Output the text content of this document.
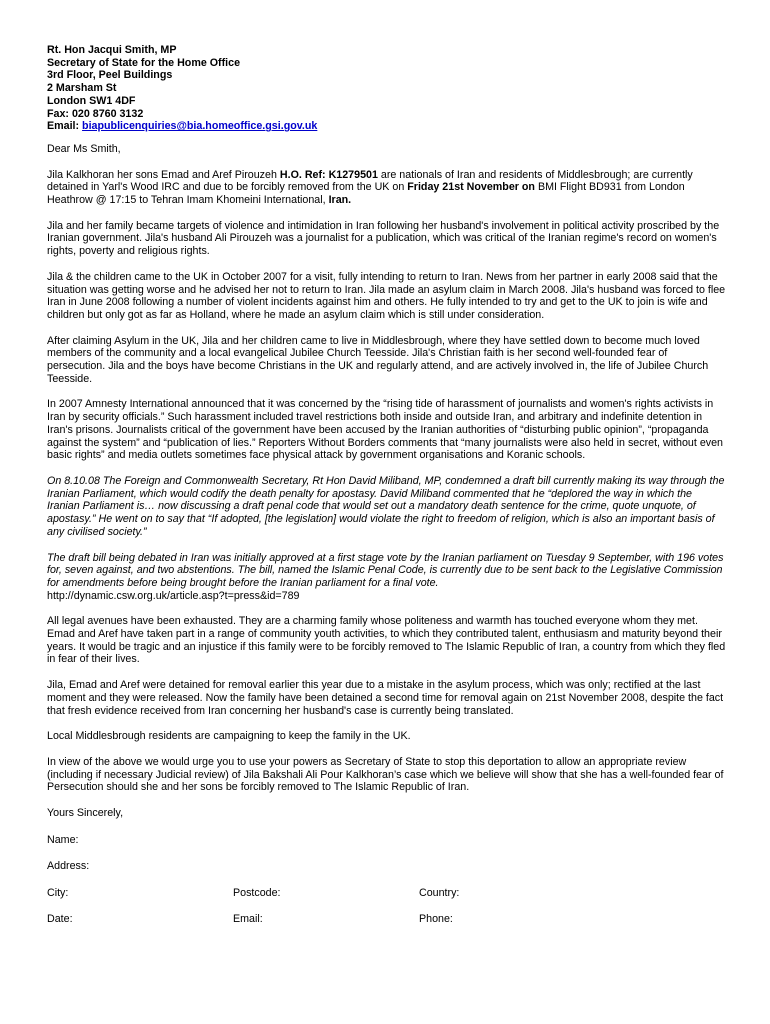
Rt. Hon Jacqui Smith, MP
Secretary of State for the Home Office
3rd Floor, Peel Buildings
2 Marsham St
London SW1 4DF
Fax: 020 8760 3132
Email: biapublicenquiries@bia.homeoffice.gsi.gov.uk

Dear Ms Smith,

Jila Kalkhoran her sons Emad and Aref Pirouzeh H.O. Ref: K1279501 are nationals of Iran and residents of Middlesbrough; are currently detained in Yarl's Wood IRC and due to be forcibly removed from the UK on Friday 21st November on BMI Flight BD931 from London Heathrow @ 17:15 to Tehran Imam Khomeini International, Iran.

Jila and her family became targets of violence and intimidation in Iran following her husband's involvement in political activity proscribed by the Iranian government. Jila's husband Ali Pirouzeh was a journalist for a publication, which was critical of the Iranian regime's record on women's rights, poverty and religious rights.

Jila & the children came to the UK in October 2007 for a visit, fully intending to return to Iran. News from her partner in early 2008 said that the situation was getting worse and he advised her not to return to Iran. Jila made an asylum claim in March 2008. Jila's husband was forced to flee Iran in June 2008 following a number of violent incidents against him and others. He fully intended to try and get to the UK to join is wife and children but only got as far as Holland, where he made an asylum claim which is still under consideration.

After claiming Asylum in the UK, Jila and her children came to live in Middlesbrough, where they have settled down to become much loved members of the community and a local evangelical Jubilee Church Teesside. Jila's Christian faith is her second well-founded fear of persecution. Jila and the boys have become Christians in the UK and regularly attend, and are actively involved in, the life of Jubilee Church Teesside.

In 2007 Amnesty International announced that it was concerned by the “rising tide of harassment of journalists and women's rights activists in Iran by security officials.” Such harassment included travel restrictions both inside and outside Iran, and arbitrary and indefinite detention in Iran's prisons. Journalists critical of the government have been accused by the Iranian authorities of “disturbing public opinion”, “propaganda against the system” and “publication of lies.” Reporters Without Borders comments that “many journalists were also held in secret, without even basic rights” and media outlets sometimes face physical attack by government organisations and Koranic schools.

On 8.10.08 The Foreign and Commonwealth Secretary, Rt Hon David Miliband, MP, condemned a draft bill currently making its way through the Iranian Parliament, which would codify the death penalty for apostasy. David Miliband commented that he “deplored the way in which the Iranian Parliament is… now discussing a draft penal code that would set out a mandatory death sentence for the crime, quote unquote, of apostasy.” He went on to say that “If adopted, [the legislation] would violate the right to freedom of religion, which is also an important basis of any civilised society.”

The draft bill being debated in Iran was initially approved at a first stage vote by the Iranian parliament on Tuesday 9 September, with 196 votes for, seven against, and two abstentions. The bill, named the Islamic Penal Code, is currently due to be sent back to the Legislative Commission for amendments before being brought before the Iranian parliament for a final vote.
http://dynamic.csw.org.uk/article.asp?t=press&id=789

All legal avenues have been exhausted. They are a charming family whose politeness and warmth has touched everyone whom they met. Emad and Aref have taken part in a range of community youth activities, to which they contributed talent, enthusiasm and maturity beyond their years. It would be tragic and an injustice if this family were to be forcibly removed to The Islamic Republic of Iran, a country from which they fled in fear of their lives.

Jila, Emad and Aref were detained for removal earlier this year due to a mistake in the asylum process, which was only; rectified at the last moment and they were released. Now the family have been detained a second time for removal again on 21st November 2008, despite the fact that fresh evidence received from Iran concerning her husband's case is currently being translated.

Local Middlesbrough residents are campaigning to keep the family in the UK.

In view of the above we would urge you to use your powers as Secretary of State to stop this deportation to allow an appropriate review (including if necessary Judicial review) of Jila Bakshali Ali Pour Kalkhoran’s case which we believe will show that she has a well-founded fear of Persecution should she and her sons be forcibly removed to The Islamic Republic of Iran.

Yours Sincerely,
Name:
Address:
City:	Postcode:	Country:
Date:	Email:	Phone:
